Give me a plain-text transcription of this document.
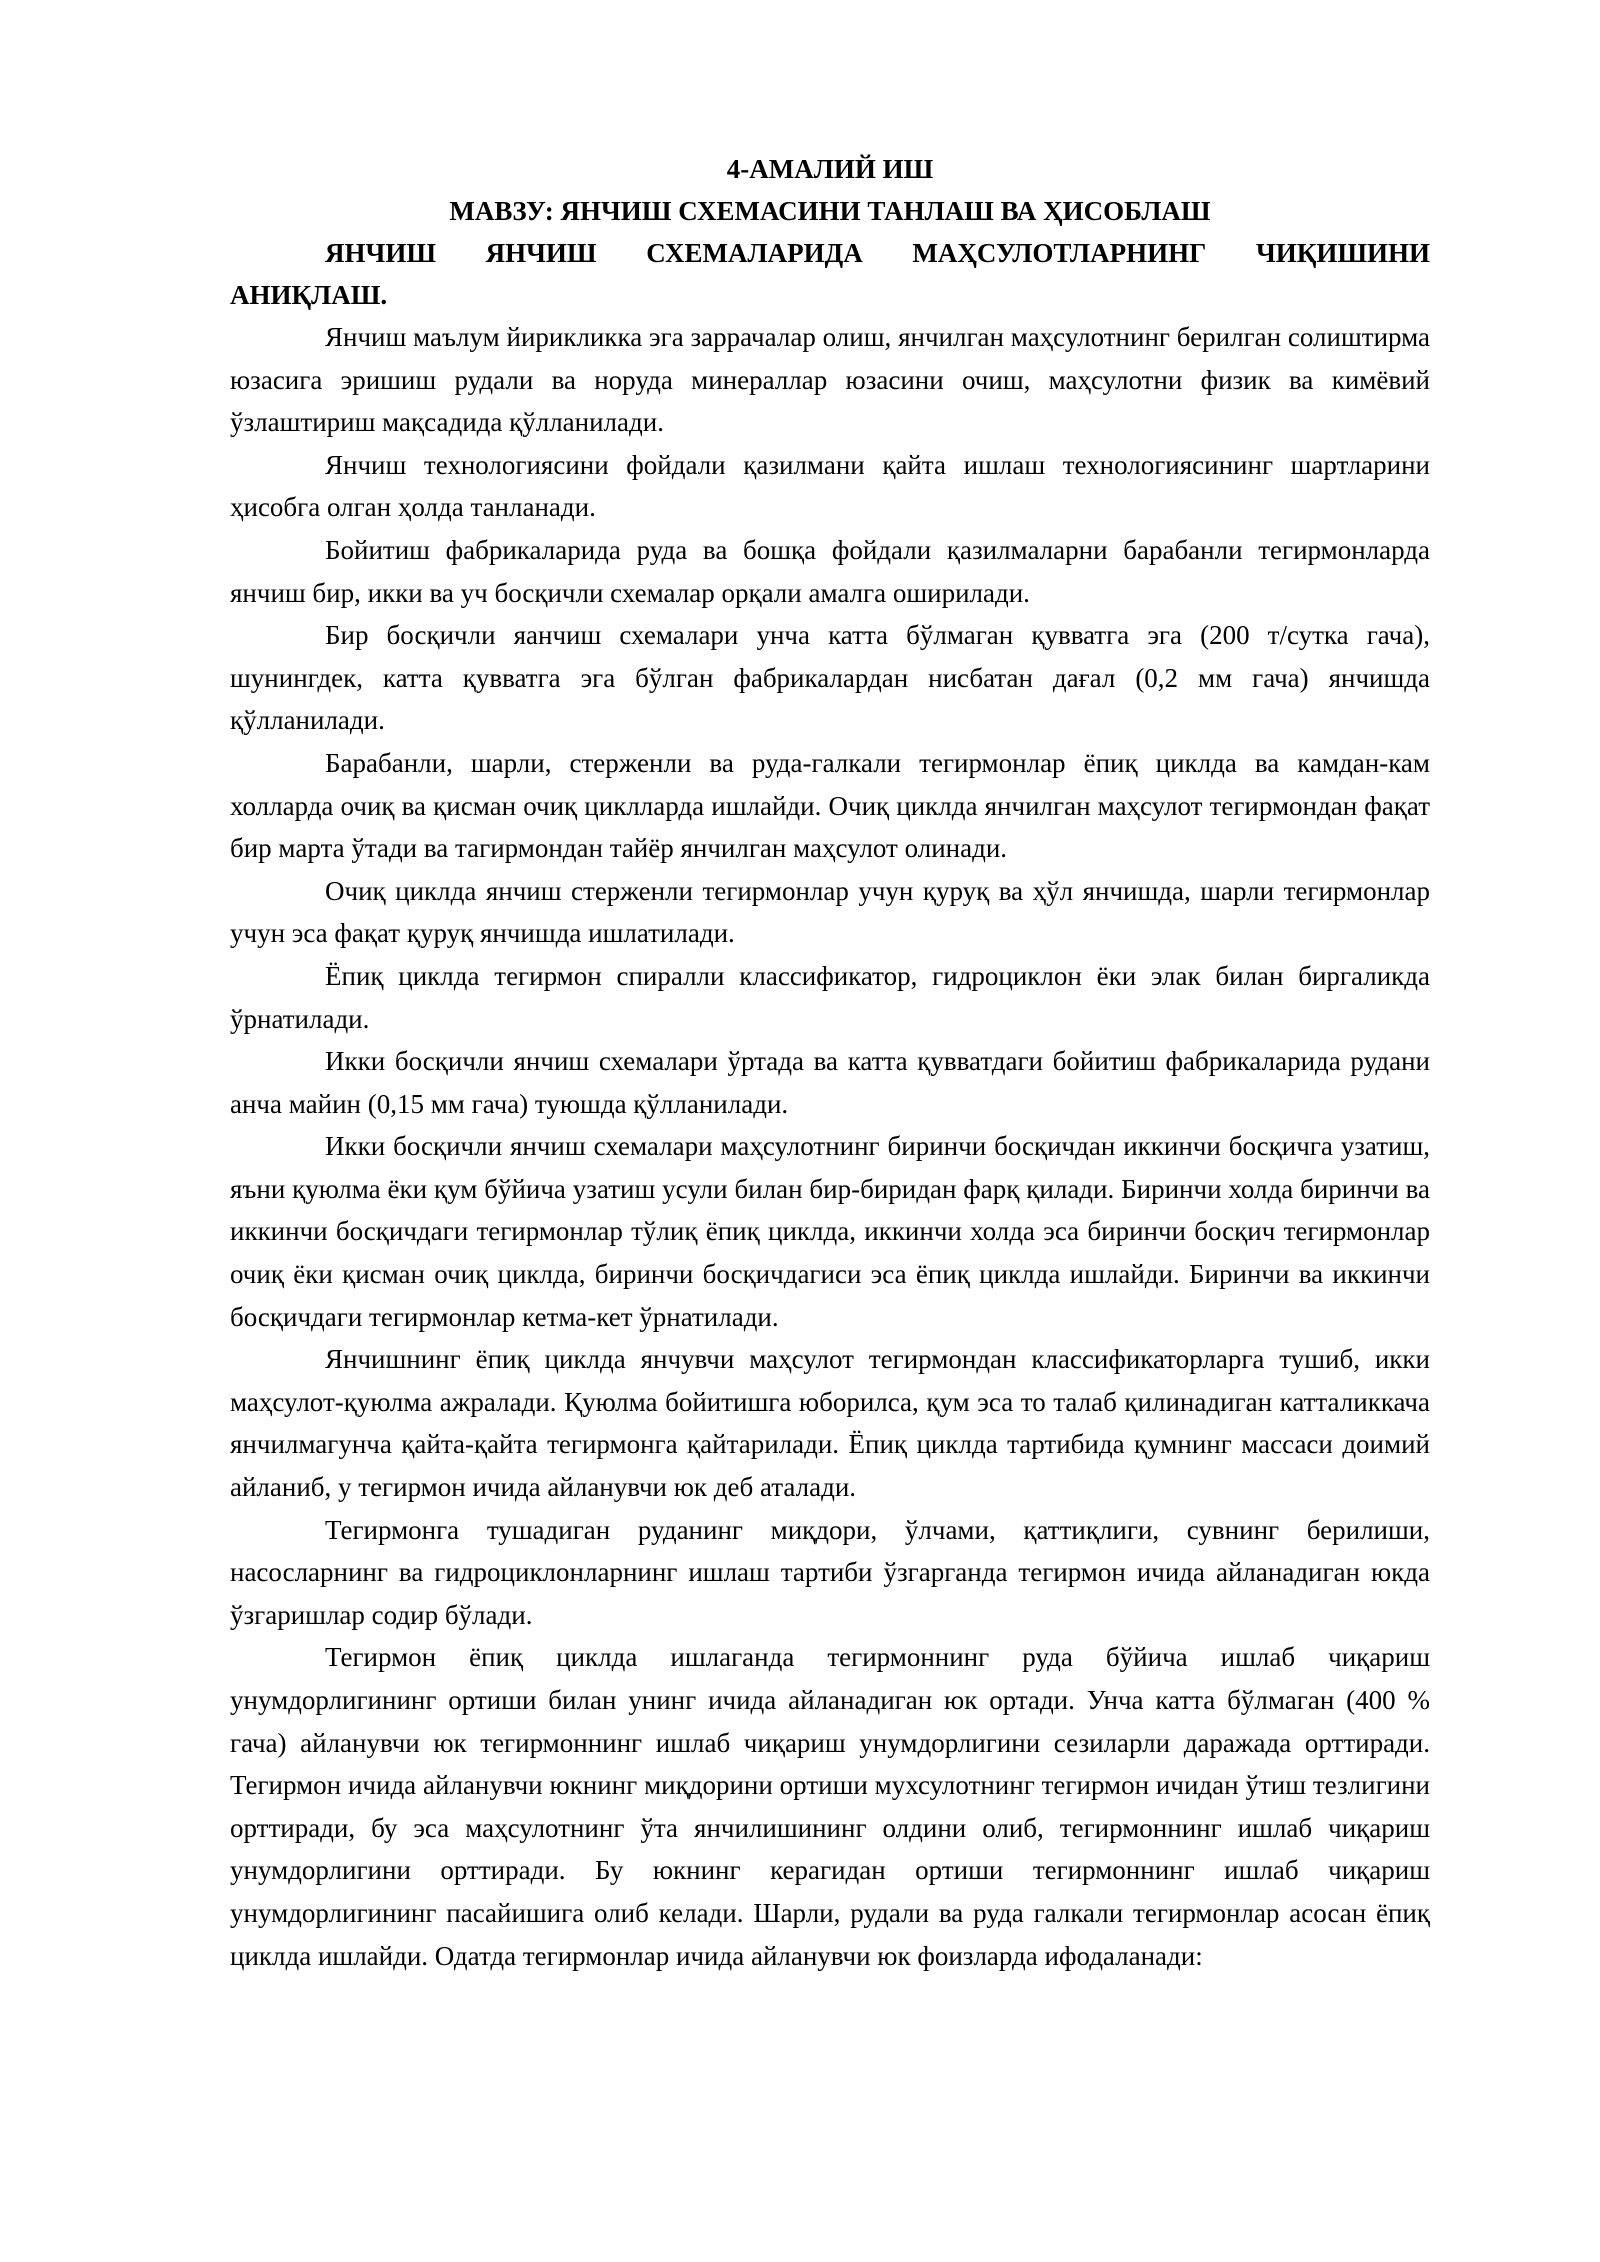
4-АМАЛИЙ ИШ

МАВЗУ: ЯНЧИШ СХЕМАСИНИ ТАНЛАШ ВА ҲИСОБЛАШ

ЯНЧИШ ЯНЧИШ СХЕМАЛАРИДА МАҲСУЛОТЛАРНИНГ ЧИҚИШИНИ АНИҚЛАШ.

Янчиш маълум йирикликка эга заррачалар олиш, янчилган маҳсулотнинг берилган солиштирма юзасига эришиш рудали ва норуда минераллар юзасини очиш, маҳсулотни физик ва кимёвий ўзлаштириш мақсадида қўлланилади.

Янчиш технологиясини фойдали қазилмани қайта ишлаш технологиясининг шартларини ҳисобга олган ҳолда танланади.

Бойитиш фабрикаларида руда ва бошқа фойдали қазилмаларни барабанли тегирмонларда янчиш бир, икки ва уч босқичли схемалар орқали амалга оширилади.

Бир босқичли яанчиш схемалари унча катта бўлмаган қувватга эга (200 т/сутка гача), шунингдек, катта қувватга эга бўлган фабрикалардан нисбатан дағал (0,2 мм гача) янчишда қўлланилади.

Барабанли, шарли, стерженли ва руда-галкали тегирмонлар ёпиқ циклда ва камдан-кам холларда очиқ ва қисман очиқ циклларда ишлайди. Очиқ циклда янчилган маҳсулот тегирмондан фақат бир марта ўтади ва тагирмондан тайёр янчилган маҳсулот олинади.

Очиқ циклда янчиш стерженли тегирмонлар учун қуруқ ва ҳўл янчишда, шарли тегирмонлар учун эса фақат қуруқ янчишда ишлатилади.

Ёпиқ циклда тегирмон спиралли классификатор, гидроциклон ёки элак билан биргаликда ўрнатилади.

Икки босқичли янчиш схемалари ўртада ва катта қувватдаги бойитиш фабрикаларида рудани анча майин (0,15 мм гача) туюшда қўлланилади.

Икки босқичли янчиш схемалари маҳсулотнинг биринчи босқичдан иккинчи босқичга узатиш, яъни қуюлма ёки қум бўйича узатиш усули билан бир-биридан фарқ қилади. Биринчи холда биринчи ва иккинчи босқичдаги тегирмонлар тўлиқ ёпиқ циклда, иккинчи холда эса биринчи босқич тегирмонлар очиқ ёки қисман очиқ циклда, биринчи босқичдагиси эса ёпиқ циклда ишлайди. Биринчи ва иккинчи босқичдаги тегирмонлар кетма-кет ўрнатилади.

Янчишнинг ёпиқ циклда янчувчи маҳсулот тегирмондан классификаторларга тушиб, икки маҳсулот-қуюлма ажралади. Қуюлма бойитишга юборилса, қум эса то талаб қилинадиган катталиккача янчилмагунча қайта-қайта тегирмонга қайтарилади. Ёпиқ циклда тартибида қумнинг массаси доимий айланиб, у тегирмон ичида айланувчи юк деб аталади.

Тегирмонга тушадиган руданинг миқдори, ўлчами, қаттиқлиги, сувнинг берилиши, насосларнинг ва гидроциклонларнинг ишлаш тартиби ўзгарганда тегирмон ичида айланадиган юкда ўзгаришлар содир бўлади.

Тегирмон ёпиқ циклда ишлаганда тегирмоннинг руда бўйича ишлаб чиқариш унумдорлигининг ортиши билан унинг ичида айланадиган юк ортади. Унча катта бўлмаган (400 % гача) айланувчи юк тегирмоннинг ишлаб чиқариш унумдорлигини сезиларли даражада орттиради. Тегирмон ичида айланувчи юкнинг миқдорини ортиши мухсулотнинг тегирмон ичидан ўтиш тезлигини орттиради, бу эса маҳсулотнинг ўта янчилишининг олдини олиб, тегирмоннинг ишлаб чиқариш унумдорлигини орттиради. Бу юкнинг керагидан ортиши тегирмоннинг ишлаб чиқариш унумдорлигининг пасайишига олиб келади. Шарли, рудали ва руда галкали тегирмонлар асосан ёпиқ циклда ишлайди. Одатда тегирмонлар ичида айланувчи юк фоизларда ифодаланади:
